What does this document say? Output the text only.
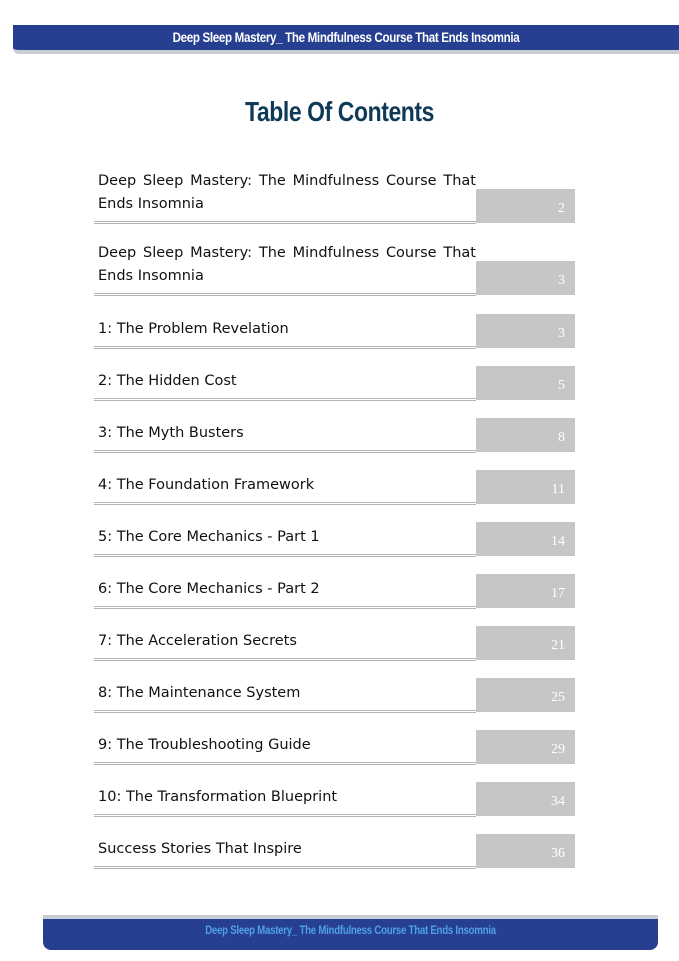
Deep Sleep Mastery_ The Mindfulness Course That Ends Insomnia
Table Of Contents
Deep Sleep Mastery: The Mindfulness Course That Ends Insomnia	2
Deep Sleep Mastery: The Mindfulness Course That Ends Insomnia	3
1: The Problem Revelation	3
2: The Hidden Cost	5
3: The Myth Busters	8
4: The Foundation Framework	11
5: The Core Mechanics - Part 1	14
6: The Core Mechanics - Part 2	17
7: The Acceleration Secrets	21
8: The Maintenance System	25
9: The Troubleshooting Guide	29
10: The Transformation Blueprint	34
Success Stories That Inspire	36
Deep Sleep Mastery_ The Mindfulness Course That Ends Insomnia
